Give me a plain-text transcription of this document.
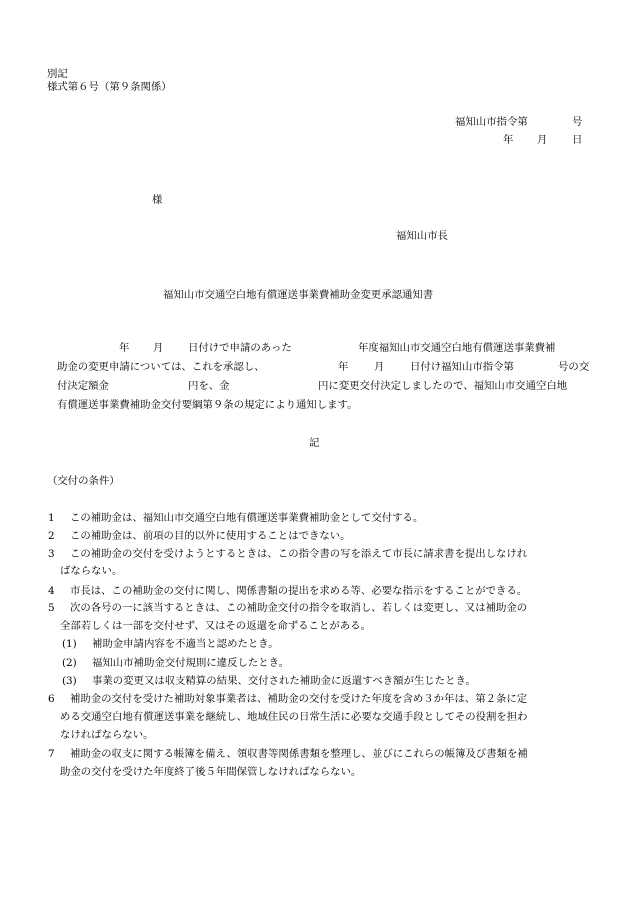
別記
様式第６号（第９条関係）
福知山市指令第	号
年 月 日
様
福知山市長
福知山市交通空白地有償運送事業費補助金変更承認通知書
年 月 日付けで申請のあった	年度福知山市交通空白地有償運送事業費補
助金の変更申請については、これを承認し、	年 月 日付け福知山市指令第	号の交
付決定額金	円を、金	円に変更交付決定しましたので、福知山市交通空白地
有償運送事業費補助金交付要綱第９条の規定により通知します。
記
（交付の条件）
1 この補助金は、福知山市交通空白地有償運送事業費補助金として交付する。
2 この補助金は、前項の目的以外に使用することはできない。
3 この補助金の交付を受けようとするときは、この指令書の写を添えて市長に請求書を提出しなけれ
ばならない。
4 市長は、この補助金の交付に関し、関係書類の提出を求める等、必要な指示をすることができる。
5 次の各号の一に該当するときは、この補助金交付の指令を取消し、若しくは変更し、又は補助金の
全部若しくは一部を交付せず、又はその返還を命ずることがある。
(1) 補助金申請内容を不適当と認めたとき。
(2) 福知山市補助金交付規則に違反したとき。
(3) 事業の変更又は収支精算の結果、交付された補助金に返還すべき額が生じたとき。
6 補助金の交付を受けた補助対象事業者は、補助金の交付を受けた年度を含め３か年は、第２条に定
める交通空白地有償運送事業を継続し、地域住民の日常生活に必要な交通手段としてその役割を担わ
なければならない。
7 補助金の収支に関する帳簿を備え、領収書等関係書類を整理し、並びにこれらの帳簿及び書類を補
助金の交付を受けた年度終了後５年間保管しなければならない。
